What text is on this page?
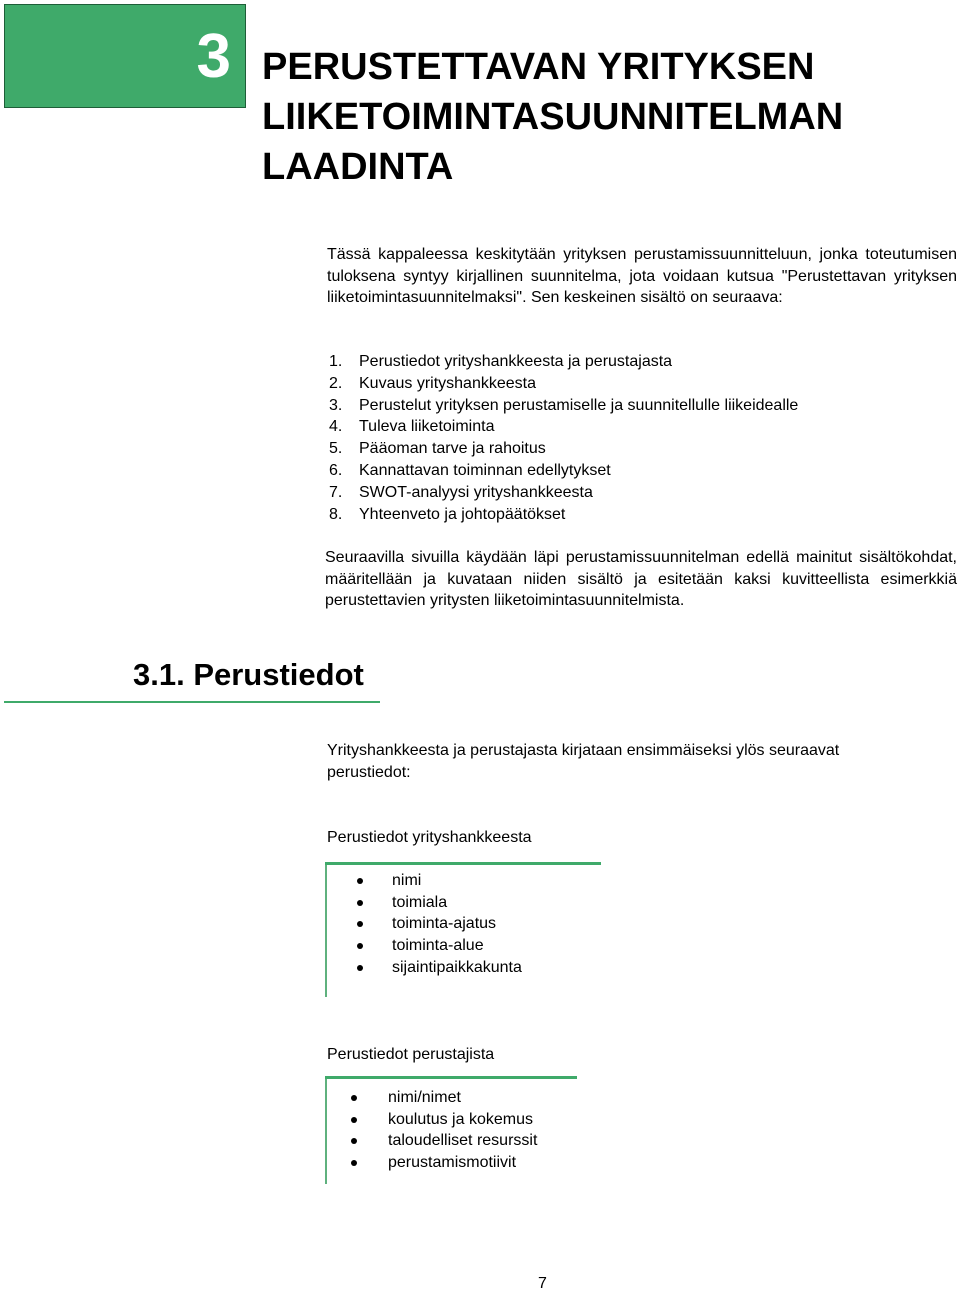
3 PERUSTETTAVAN YRITYKSEN
LIIKETOIMINTASUUNNITELMAN
LAADINTA
Tässä kappaleessa keskitytään yrityksen perustamissuunnitteluun, jonka toteutumisen tuloksena syntyy kirjallinen suunnitelma, jota voidaan kutsua "Perustettavan yrityksen liiketoimintasuunnitelmaksi". Sen keskeinen sisältö on seuraava:
1. Perustiedot yrityshankkeesta ja perustajasta
2. Kuvaus yrityshankkeesta
3. Perustelut yrityksen perustamiselle ja suunnitellulle liikeidealle
4. Tuleva liiketoiminta
5. Pääoman tarve ja rahoitus
6. Kannattavan toiminnan edellytykset
7. SWOT-analyysi yrityshankkeesta
8. Yhteenveto ja johtopäätökset
Seuraavilla sivuilla käydään läpi perustamissuunnitelman edellä mainitut sisältökohdat, määritellään ja kuvataan niiden sisältö ja esitetään kaksi kuvitteellista esimerkkiä perustettavien yritysten liiketoimintasuunnitelmista.
3.1. Perustiedot
Yrityshankkeesta ja perustajasta kirjataan ensimmäiseksi ylös seuraavat perustiedot:
Perustiedot yrityshankkeesta
nimi
toimiala
toiminta-ajatus
toiminta-alue
sijaintipaikkakunta
Perustiedot perustajista
nimi/nimet
koulutus ja kokemus
taloudelliset resurssit
perustamismotiivit
7
